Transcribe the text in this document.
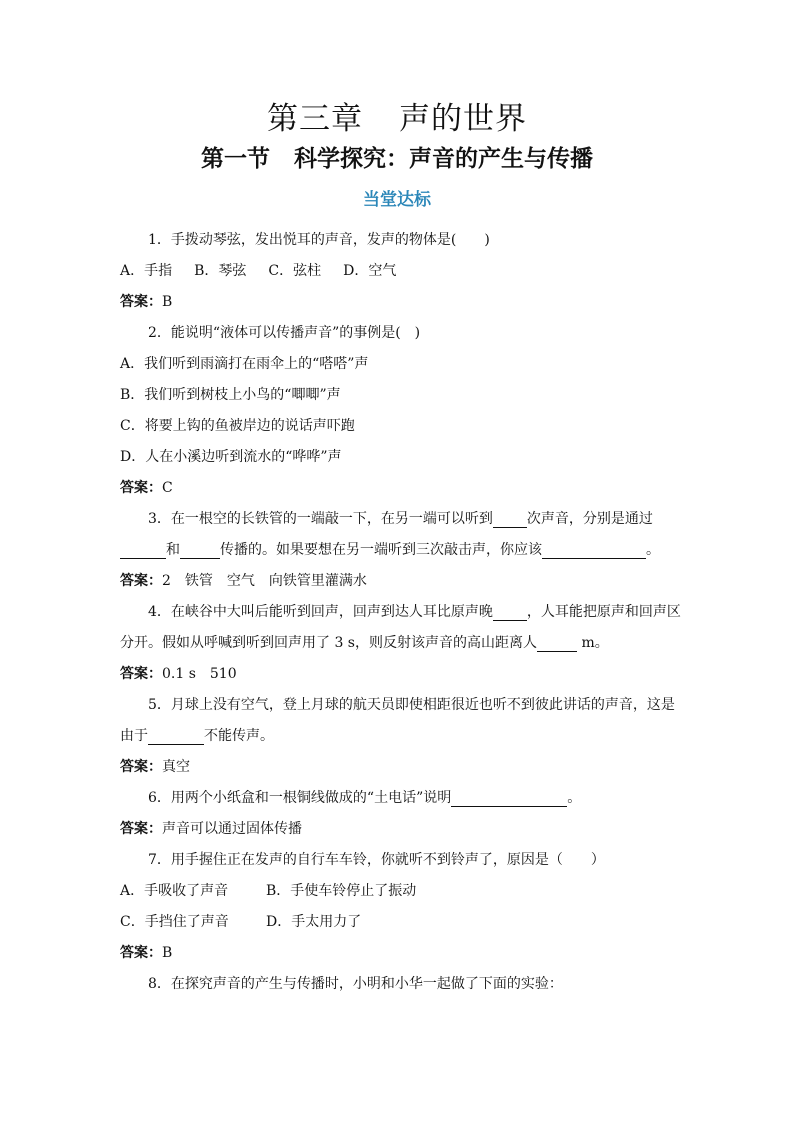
第三章 声的世界
第一节 科学探究：声音的产生与传播
当堂达标
1．手拨动琴弦，发出悦耳的声音，发声的物体是(　　)
A．手指 B．琴弦 C．弦柱 D．空气
答案：B
2．能说明“液体可以传播声音”的事例是(　)
A．我们听到雨滴打在雨伞上的“嗒嗒”声
B．我们听到树枝上小鸟的“唧唧”声
C．将要上钩的鱼被岸边的说话声吓跑
D．人在小溪边听到流水的“哗哗”声
答案：C
3．在一根空的长铁管的一端敲一下，在另一端可以听到 次声音，分别是通过
和	传播的。如果要想在另一端听到三次敲击声，你应该	。
答案：2　铁管　空气　向铁管里灌满水
4．在峡谷中大叫后能听到回声，回声到达人耳比原声晚 ，人耳能把原声和回声区
分开。假如从呼喊到听到回声用了 3 s，则反射该声音的高山距离人	m。
答案：0.1 s　510
5．月球上没有空气，登上月球的航天员即使相距很近也听不到彼此讲话的声音，这是
由于	不能传声。
答案：真空
6．用两个小纸盒和一根铜线做成的“土电话”说明	。
答案：声音可以通过固体传播
7．用手握住正在发声的自行车车铃，你就听不到铃声了，原因是（　　）
A．手吸收了声音	B．手使车铃停止了振动
C．手挡住了声音	D．手太用力了
答案：B
8．在探究声音的产生与传播时，小明和小华一起做了下面的实验：
